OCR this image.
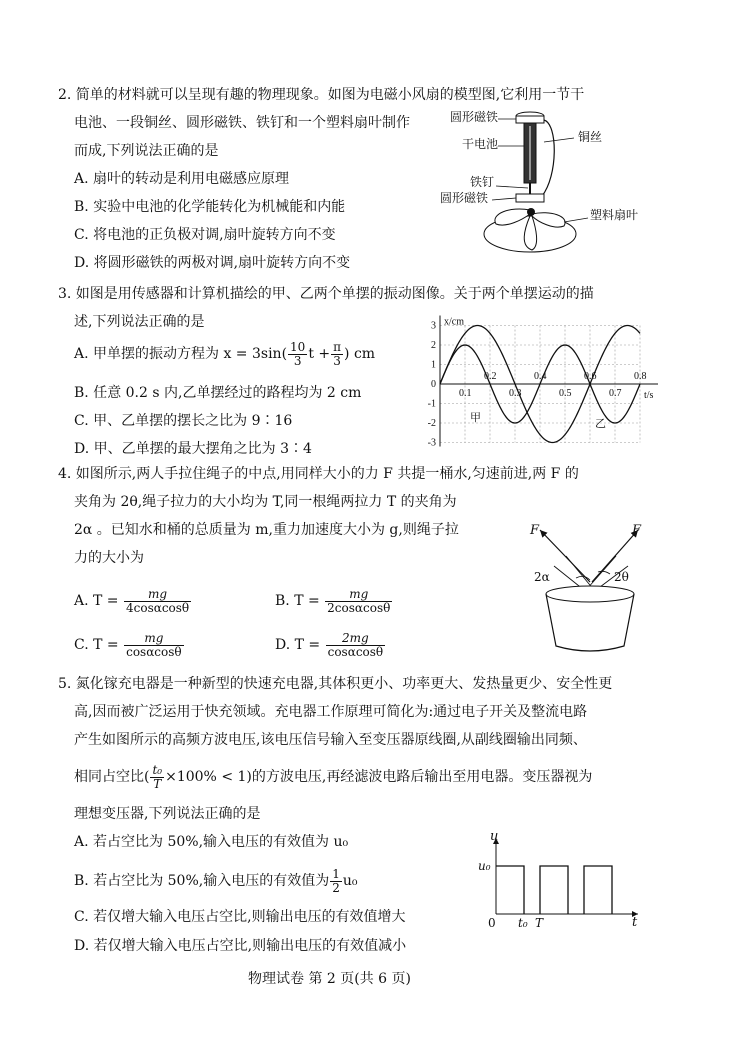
2. 简单的材料就可以呈现有趣的物理现象。如图为电磁小风扇的模型图,它利用一节干
电池、一段铜丝、圆形磁铁、铁钉和一个塑料扇叶制作
而成,下列说法正确的是
A. 扇叶的转动是利用电磁感应原理
B. 实验中电池的化学能转化为机械能和内能
C. 将电池的正负极对调,扇叶旋转方向不变
D. 将圆形磁铁的两极对调,扇叶旋转方向不变
圆形磁铁
干电池	铜丝
铁钉
圆形磁铁
塑料扇叶
3. 如图是用传感器和计算机描绘的甲、乙两个单摆的振动图像。关于两个单摆运动的描
述,下列说法正确的是
A. 甲单摆的振动方程为 $x = 3\sin( \frac{10}{3}$ $t + \frac{\pi}{3}$ ) cm
B. 任意 0.2 s 内,乙单摆经过的路程均为 2 cm
C. 甲、乙单摆的摆长之比为 9∶16
D. 甲、乙单摆的最大摆角之比为 3∶4
x/cm
t/s
甲	乙
3
2
1
0
-1
-2
-3
0.1
0.2
0.3
0.4
0.5
0.6
0.7
0.8
4. 如图所示,两人手拉住绳子的中点,用同样大小的力 F 共提一桶水,匀速前进,两 F 的
夹角为 2θ,绳子拉力的大小均为 T,同一根绳两拉力 T 的夹角为
2α 。已知水和桶的总质量为 m,重力加速度大小为 g,则绳子拉
力的大小为
A. $T = \frac{mg}{4\cos\alpha\cos\theta}$	B. $T = \frac{mg}{2\cos\alpha\cos\theta}$
C. $T = \frac{mg}{\cos\alpha\cos\theta}$	D. $T = \frac{2mg}{\cos\alpha\cos\theta}$
F	F
2α	2θ
5. 氮化镓充电器是一种新型的快速充电器,其体积更小、功率更大、发热量更少、安全性更
高,因而被广泛运用于快充领域。充电器工作原理可简化为:通过电子开关及整流电路
产生如图所示的高频方波电压,该电压信号输入至变压器原线圈,从副线圈输出同频、
相同占空比( $\frac{\text{t₀}}{T} \times 100\% < 1$)的方波电压,再经滤波电路后输出至用电器。变压器视为
理想变压器,下列说法正确的是
A. 若占空比为 50%,输入电压的有效值为 u₀
B. 若占空比为 50%,输入电压的有效值为 $\frac{1}{2} u_0$
C. 若仅增大输入电压占空比,则输出电压的有效值增大
D. 若仅增大输入电压占空比,则输出电压的有效值减小
u
u₀
0 t₀ T	t
物理试卷 第 2 页(共 6 页)
